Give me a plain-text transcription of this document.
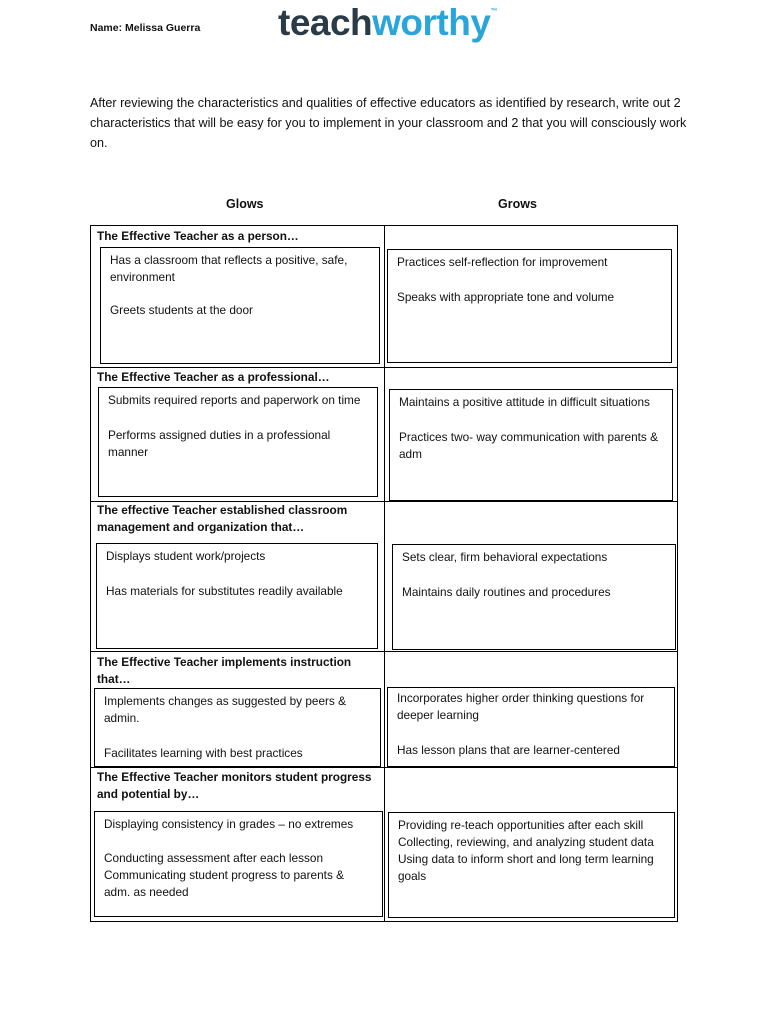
Name: Melissa Guerra teachworthy™
After reviewing the characteristics and qualities of effective educators as identified by research, write out 2 characteristics that will be easy for you to implement in your classroom and 2 that you will consciously work on.
Glows	Grows
The Effective Teacher as a person…

Has a classroom that reflects a positive, safe, environment

Greets students at the door

Practices self-reflection for improvement

Speaks with appropriate tone and volume

The Effective Teacher as a professional…

Submits required reports and paperwork on time

Performs assigned duties in a professional manner

Maintains a positive attitude in difficult situations

Practices two- way communication with parents & adm

The effective Teacher established classroom management and organization that…

Displays student work/projects

Has materials for substitutes readily available

Sets clear, firm behavioral expectations

Maintains daily routines and procedures

The Effective Teacher implements instruction that…

Implements changes as suggested by peers & admin.

Facilitates learning with best practices

Incorporates higher order thinking questions for deeper learning

Has lesson plans that are learner-centered

The Effective Teacher monitors student progress and potential by…

Displaying consistency in grades – no extremes

Conducting assessment after each lesson

Communicating student progress to parents & adm. as needed

Providing re-teach opportunities after each skill

Collecting, reviewing, and analyzing student data

Using data to inform short and long term learning goals
